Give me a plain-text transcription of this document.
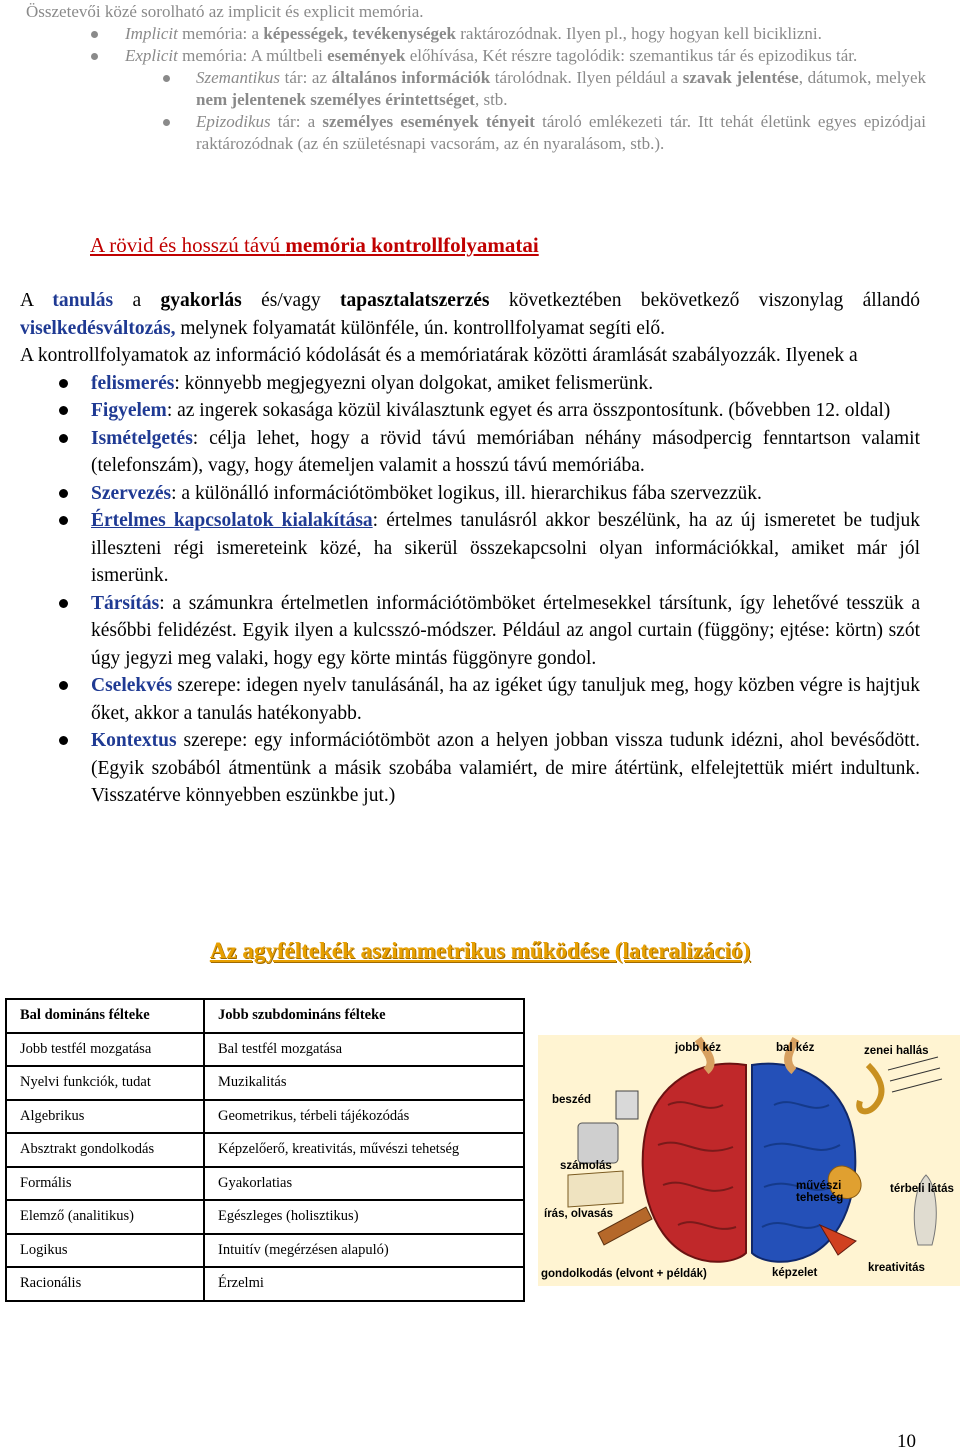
Összetevői közé sorolható az implicit és explicit memória.

Implicit memória: a képességek, tevékenységek raktározódnak. Ilyen pl., hogy hogyan kell biciklizni.

Explicit memória: A múltbeli események előhívása, Két részre tagolódik: szemantikus tár és epizodikus tár.

Szemantikus tár: az általános információk tárolódnak. Ilyen például a szavak jelentése, dátumok, melyek nem jelentenek személyes érintettséget, stb.

Epizodikus tár: a személyes események tényeit tároló emlékezeti tár. Itt tehát életünk egyes epizódjai raktározódnak (az én születésnapi vacsorám, az én nyaralásom, stb.).

A rövid és hosszú távú memória kontrollfolyamatai

A tanulás a gyakorlás és/vagy tapasztalatszerzés következtében bekövetkező viszonylag állandó viselkedésváltozás, melynek folyamatát különféle, ún. kontrollfolyamat segíti elő.

A kontrollfolyamatok az információ kódolását és a memóriatárak közötti áramlását szabályozzák. Ilyenek a

felismerés: könnyebb megjegyezni olyan dolgokat, amiket felismerünk.

Figyelem: az ingerek sokasága közül kiválasztunk egyet és arra összpontosítunk. (bővebben 12. oldal)

Ismételgetés: célja lehet, hogy a rövid távú memóriában néhány másodpercig fenntartson valamit (telefonszám), vagy, hogy átemeljen valamit a hosszú távú memóriába.

Szervezés: a különálló információtömböket logikus, ill. hierarchikus fába szervezzük.

Értelmes kapcsolatok kialakítása: értelmes tanulásról akkor beszélünk, ha az új ismeretet be tudjuk illeszteni régi ismereteink közé, ha sikerül összekapcsolni olyan információkkal, amiket már jól ismerünk.

Társítás: a számunkra értelmetlen információtömböket értelmesekkel társítunk, így lehetővé tesszük a későbbi felidézést. Egyik ilyen a kulcsszó-módszer. Például az angol curtain (függöny; ejtése: körtn) szót úgy jegyzi meg valaki, hogy egy körte mintás függönyre gondol.

Cselekvés szerepe: idegen nyelv tanulásánál, ha az igéket úgy tanuljuk meg, hogy közben végre is hajtjuk őket, akkor a tanulás hatékonyabb.

Kontextus szerepe: egy információtömböt azon a helyen jobban vissza tudunk idézni, ahol bevésődött. (Egyik szobából átmentünk a másik szobába valamiért, de mire átértünk, elfelejtettük miért indultunk. Visszatérve könnyebben eszünkbe jut.)

Az agyféltekék aszimmetrikus működése (lateralizáció)

Bal domináns félteke	Jobb szubdomináns félteke
Jobb testfél mozgatása	Bal testfél mozgatása
Nyelvi funkciók, tudat	Muzikalitás
Algebrikus	Geometrikus, térbeli tájékozódás
Absztrakt gondolkodás	Képzelőerő, kreativitás, művészi tehetség
Formális	Gyakorlatias
Elemző (analitikus)	Egészleges (holisztikus)
Logikus	Intuitív (megérzésen alapuló)
Racionális	Érzelmi
jobb kéz	bal kéz	zenei hallás
beszéd
számolás
művészi
tehetség
térbeli látás
írás, olvasás
gondolkodás (elvont + példák)	képzelet	kreativitás
10
